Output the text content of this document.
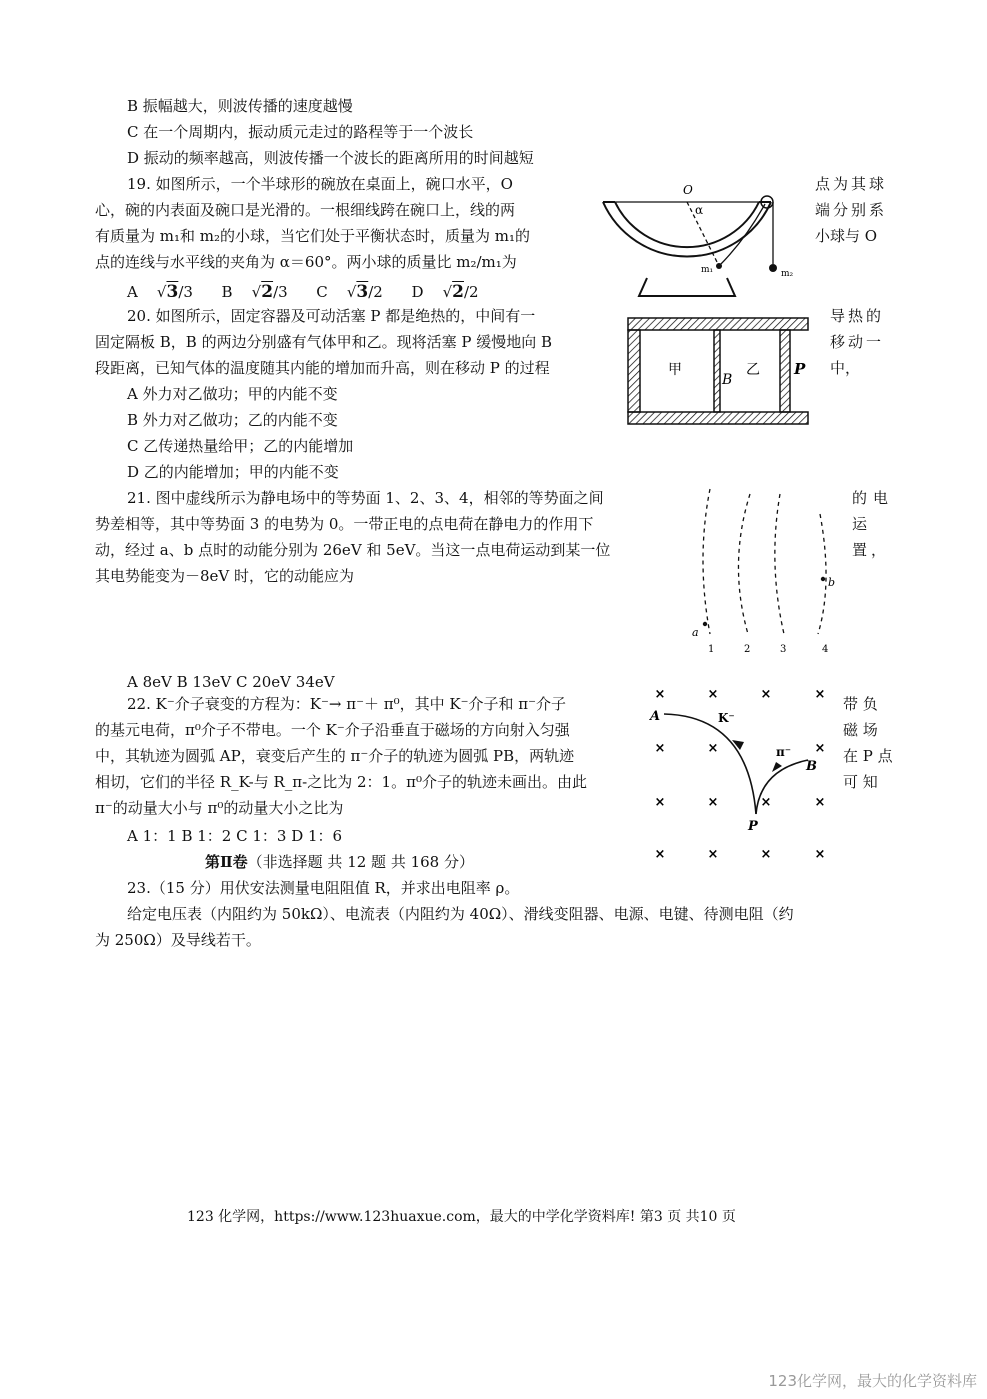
B 振幅越大，则波传播的速度越慢
C 在一个周期内，振动质元走过的路程等于一个波长
D 振动的频率越高，则波传播一个波长的距离所用的时间越短
19. 如图所示，一个半球形的碗放在桌面上，碗口水平，O	点为其球
心，碗的内表面及碗口是光滑的。一根细线跨在碗口上，线的两	端分别系
有质量为 m₁和 m₂的小球，当它们处于平衡状态时，质量为 m₁的	小球与 O
点的连线与水平线的夹角为 α＝60°。两小球的质量比 m₂/m₁为
A    √3/3 B    √2/3 C    √3/2 D    √2/2
O
α
m₁	m₂
20. 如图所示，固定容器及可动活塞 P 都是绝热的，中间有一	导热的
固定隔板 B，B 的两边分别盛有气体甲和乙。现将活塞 P 缓慢地向 B	移动一
段距离，已知气体的温度随其内能的增加而升高，则在移动 P 的过程	中，
A 外力对乙做功；甲的内能不变
B 外力对乙做功；乙的内能不变
C 乙传递热量给甲；乙的内能增加
D 乙的内能增加；甲的内能不变
甲
B
乙 P
21. 图中虚线所示为静电场中的等势面 1、2、3、4，相邻的等势面之间	的电
势差相等，其中等势面 3 的电势为 0。一带正电的点电荷在静电力的作用下	运
动，经过 a、b 点时的动能分别为 26eV 和 5eV。当这一点电荷运动到某一位	置，
其电势能变为－8eV 时，它的动能应为
A 8eV B 13eV C 20eV 34eV
a
b
1	2	3	4
22. K⁻介子衰变的方程为：K⁻→ π⁻＋ π⁰，其中 K⁻介子和 π⁻介子	带 负
的基元电荷，π⁰介子不带电。一个 K⁻介子沿垂直于磁场的方向射入匀强	磁 场
中，其轨迹为圆弧 AP，衰变后产生的 π⁻介子的轨迹为圆弧 PB，两轨迹	在 P 点
相切，它们的半径 R_K-与 R_π-之比为 2：1。π⁰介子的轨迹未画出。由此	可 知
π⁻的动量大小与 π⁰的动量大小之比为
A 1：1 B 1：2 C 1：3 D 1：6
×	×	×	×
×	×	×
×	×	×	×
×	×	×	×
A	K⁻
π⁻
B
P
第Ⅱ卷（非选择题 共 12 题 共 168 分）
23.（15 分）用伏安法测量电阻阻值 R，并求出电阻率 ρ。
给定电压表（内阻约为 50kΩ）、电流表（内阻约为 40Ω）、滑线变阻器、电源、电键、待测电阻（约
为 250Ω）及导线若干。
123 化学网，https://www.123huaxue.com，最大的中学化学资料库! 第3 页 共10 页
123化学网，最大的化学资料库
